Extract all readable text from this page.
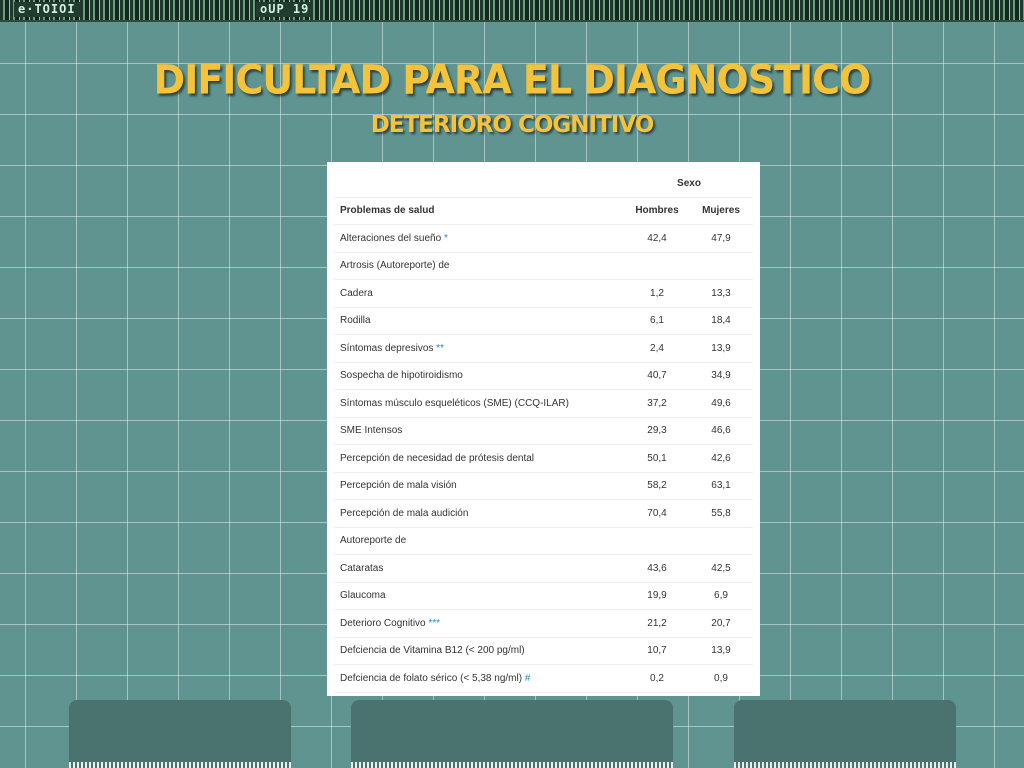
e·TOIOI	oUP 19
DIFICULTAD PARA EL DIAGNOSTICO
DETERIORO COGNITIVO
	Sexo	
Problemas de salud	Hombres	Mujeres
Alteraciones del sueño *	42,4	47,9
Artrosis (Autoreporte) de		
Cadera	1,2	13,3
Rodilla	6,1	18,4
Síntomas depresivos **	2,4	13,9
Sospecha de hipotiroidismo	40,7	34,9
Síntomas músculo esqueléticos (SME) (CCQ-ILAR)	37,2	49,6
SME Intensos	29,3	46,6
Percepción de necesidad de prótesis dental	50,1	42,6
Percepción de mala visión	58,2	63,1
Percepción de mala audición	70,4	55,8
Autoreporte de		
Cataratas	43,6	42,5
Glaucoma	19,9	6,9
Deterioro Cognitivo ***	21,2	20,7
Defciencia de Vitamina B12 (< 200 pg/ml)	10,7	13,9
Defciencia de folato sérico (< 5,38 ng/ml) #	0,2	0,9
